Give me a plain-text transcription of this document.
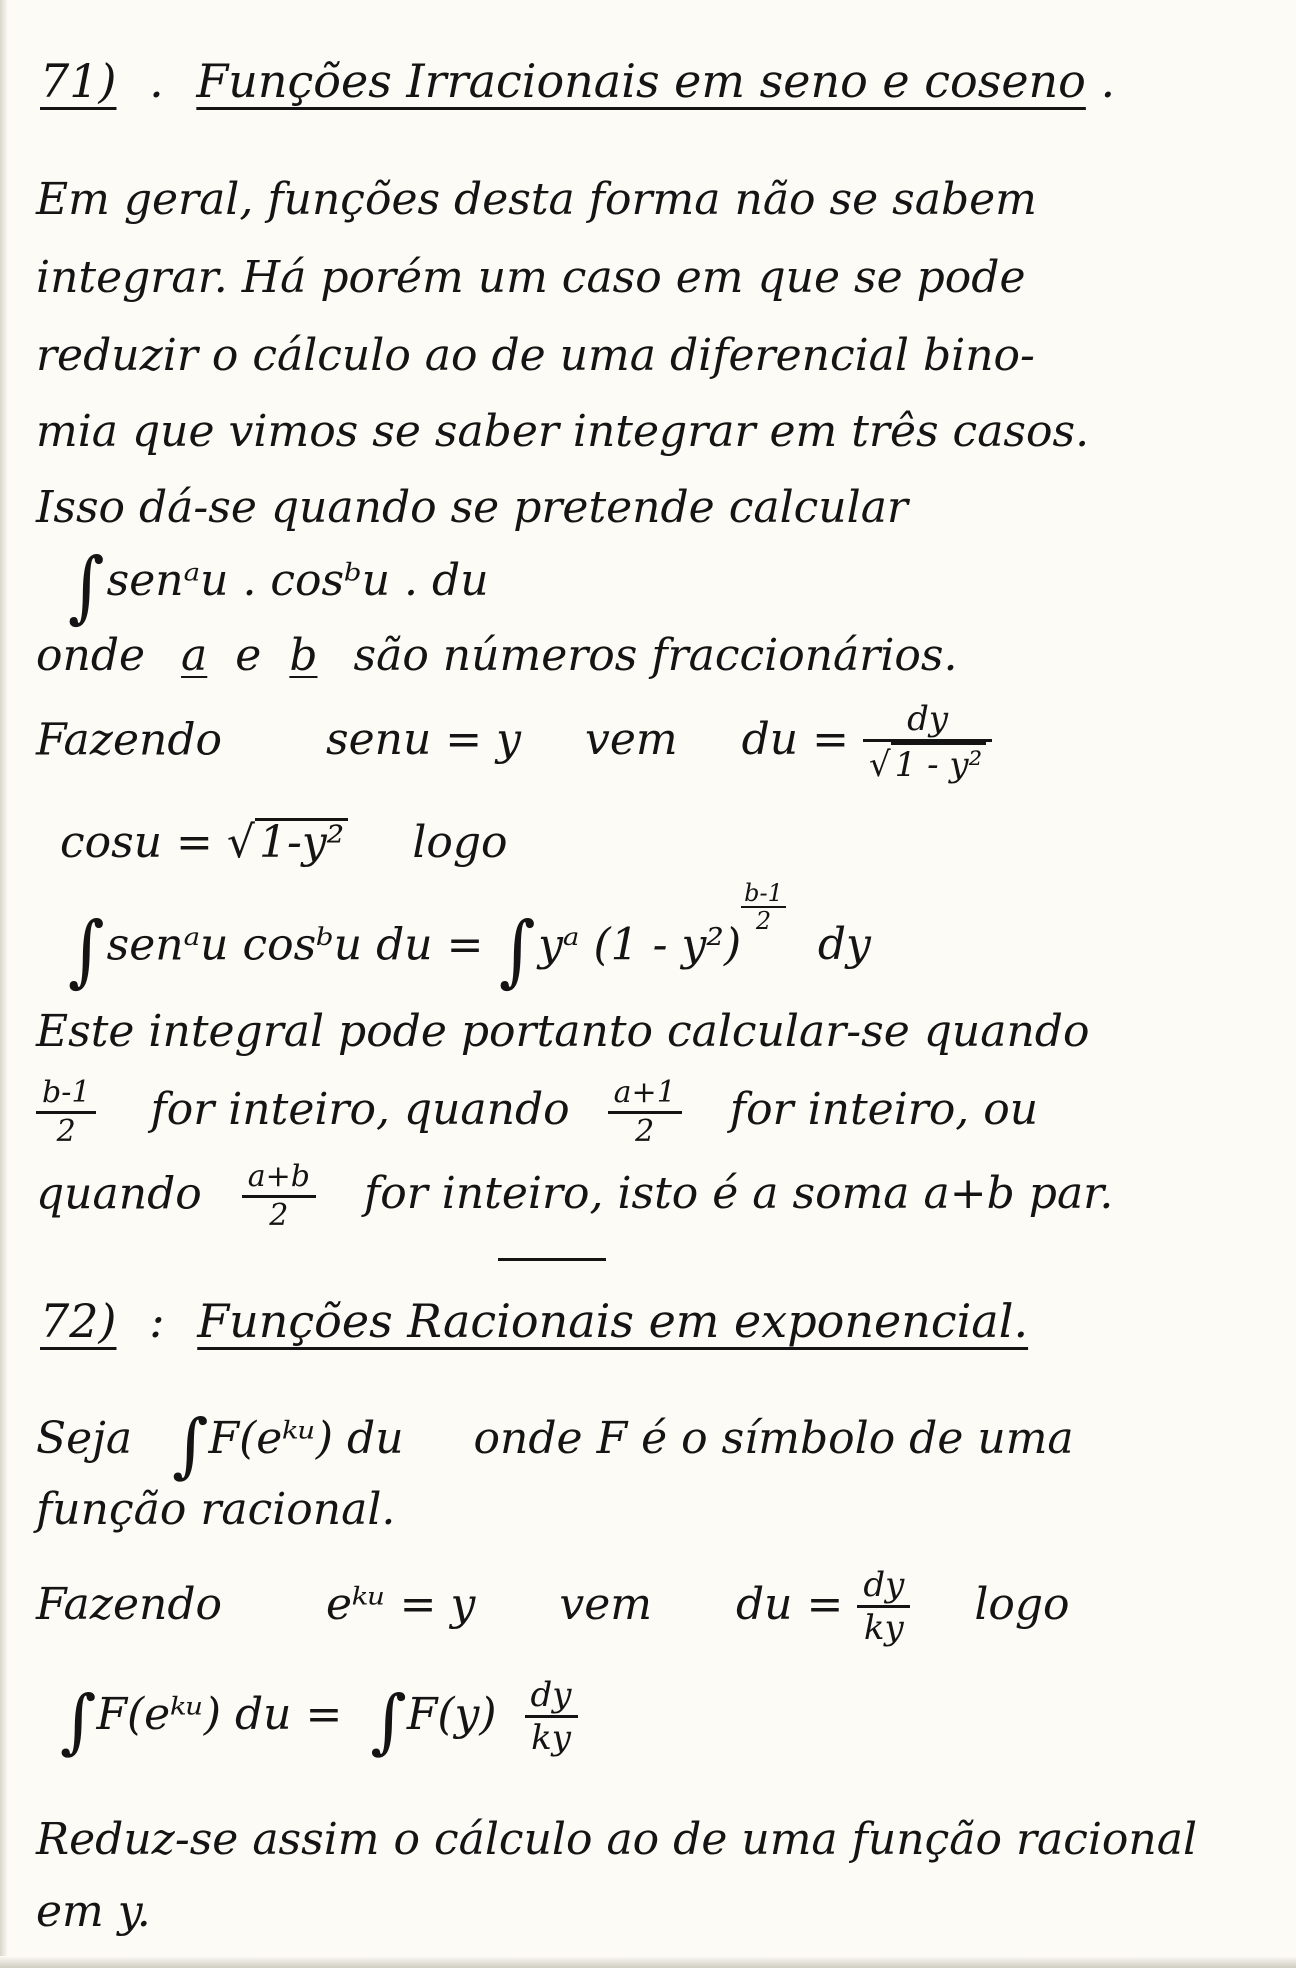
71) . Funções Irracionais em seno e coseno .
Em geral, funções desta forma não se sabem
integrar. Há porém um caso em que se pode
reduzir o cálculo ao de uma diferencial bino-
mia que vimos se saber integrar em três casos.
Isso dá-se quando se pretende calcular
∫senᵃu . cosᵇu . du
onde a e b são números fraccionários.
Fazendo senu = y vem du = $\frac{dy}{\text{√ 1 - y²}}$
cosu = √1-y² logo
∫senᵃu cosᵇu du = ∫yᵃ (1 - y²)
$\frac{b-1}{2}$
dy
Este integral pode portanto calcular-se quando
$\frac{b-1}{2}$ for inteiro, quando $\frac{a+1}{2}$ for inteiro, ou
quando $\frac{a+b}{2}$ for inteiro, isto é a soma a+b par.
72) : Funções Racionais em exponencial.
Seja ∫F(eᵏᵘ) du onde F é o símbolo de uma
função racional.
Fazendo eᵏᵘ = y vem du = $\frac{dy}{ky}$ logo
∫F(eᵏᵘ) du = $\int F(y) \frac{dy}{ky}$
Reduz-se assim o cálculo ao de uma função racional
em y.
